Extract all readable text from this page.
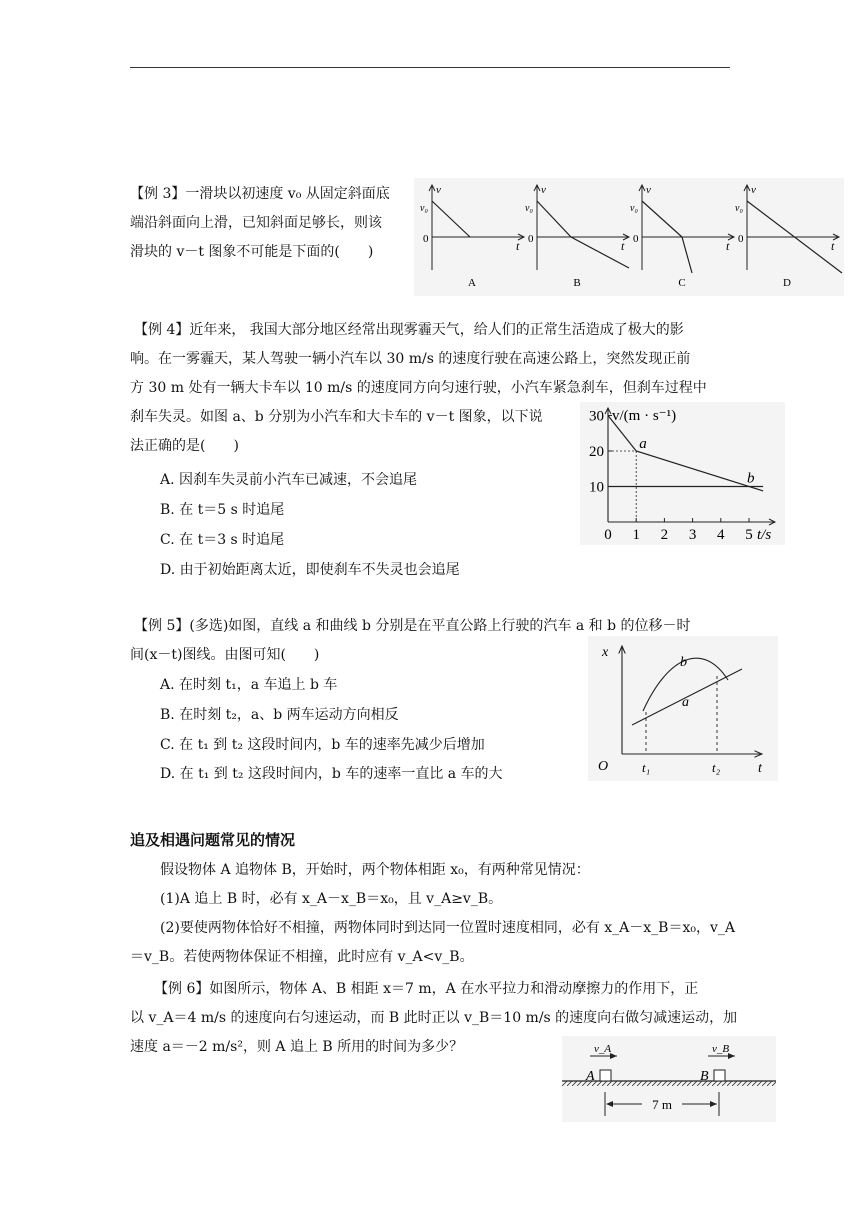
【例 3】一滑块以初速度 v₀ 从固定斜面底

端沿斜面向上滑，已知斜面足够长，则该

滑块的 v－t 图象不可能是下面的(　　)

v
v₀
0	t
A
v
v₀
0	t
B
v
v₀
0	t
C
v
v₀
0	t
D

【例 4】近年来， 我国大部分地区经常出现雾霾天气，给人们的正常生活造成了极大的影

响。在一雾霾天，某人驾驶一辆小汽车以 30 m/s 的速度行驶在高速公路上，突然发现正前

方 30 m 处有一辆大卡车以 10 m/s 的速度同方向匀速行驶，小汽车紧急刹车，但刹车过程中

刹车失灵。如图 a、b 分别为小汽车和大卡车的 v－t 图象，以下说

法正确的是(　　)

A. 因刹车失灵前小汽车已减速，不会追尾
B. 在 t＝5 s 时追尾
C. 在 t＝3 s 时追尾
D. 由于初始距离太近，即使刹车不失灵也会追尾
v/(m · s⁻¹)
t/s
0 1 2 3 4 5
10
20
30
a
b

【例 5】(多选)如图，直线 a 和曲线 b 分别是在平直公路上行驶的汽车 a 和 b 的位移－时

间(x－t)图线。由图可知(　　)

A. 在时刻 t₁，a 车追上 b 车
B. 在时刻 t₂，a、b 两车运动方向相反
C. 在 t₁ 到 t₂ 这段时间内，b 车的速率先减少后增加
D. 在 t₁ 到 t₂ 这段时间内，b 车的速率一直比 a 车的大
x
t
O	t₁	t₂
a
b
追及相遇问题常见的情况

假设物体 A 追物体 B，开始时，两个物体相距 x₀，有两种常见情况：

(1)A 追上 B 时，必有 x_A－x_B＝x₀，且 v_A≥v_B。

(2)要使两物体恰好不相撞，两物体同时到达同一位置时速度相同，必有 x_A－x_B＝x₀，v_A

＝v_B。若使两物体保证不相撞，此时应有 v_A<v_B。

【例 6】如图所示，物体 A、B 相距 x＝7 m，A 在水平拉力和滑动摩擦力的作用下，正

以 v_A＝4 m/s 的速度向右匀速运动，而 B 此时正以 v_B＝10 m/s 的速度向右做匀减速运动，加

速度 a＝－2 m/s²，则 A 追上 B 所用的时间为多少？

A	B
v_A	v_B
7 m
